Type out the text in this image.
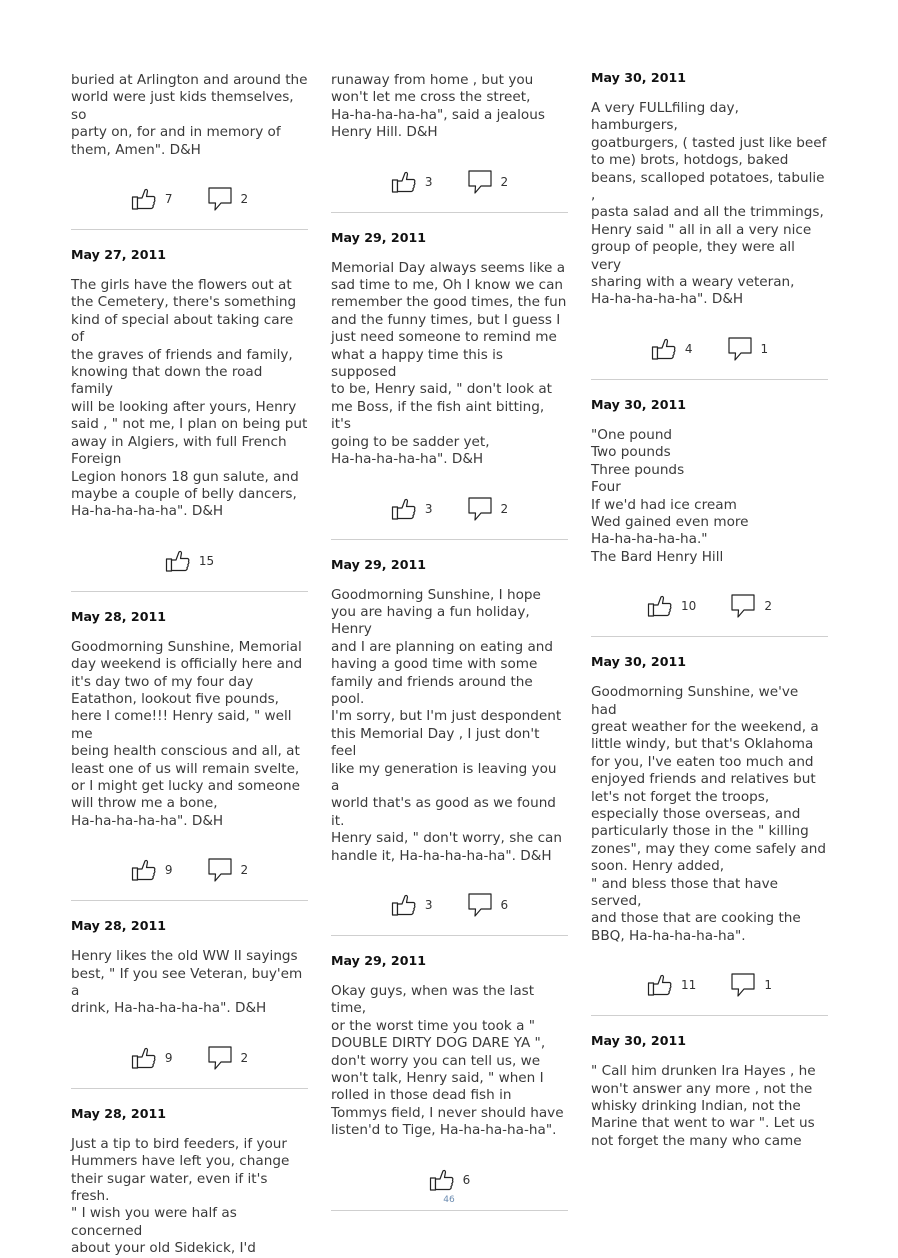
buried at Arlington and around the
world were just kids themselves, so
party on, for and in memory of
them, Amen". D&H

7	2
May 27, 2011

The girls have the flowers out at
the Cemetery, there's something
kind of special about taking care of
the graves of friends and family,
knowing that down the road family
will be looking after yours, Henry
said , " not me, I plan on being put
away in Algiers, with full French
Foreign
Legion honors 18 gun salute, and
maybe a couple of belly dancers,
Ha-ha-ha-ha-ha". D&H

15
May 28, 2011

Goodmorning Sunshine, Memorial
day weekend is officially here and
it's day two of my four day
Eatathon, lookout five pounds,
here I come!!! Henry said, " well me
being health conscious and all, at
least one of us will remain svelte,
or I might get lucky and someone
will throw me a bone,
Ha-ha-ha-ha-ha". D&H

9	2
May 28, 2011

Henry likes the old WW II sayings
best, " If you see Veteran, buy'em a
drink, Ha-ha-ha-ha-ha". D&H

9	2
May 28, 2011

Just a tip to bird feeders, if your
Hummers have left you, change
their sugar water, even if it's fresh.
" I wish you were half as concerned
about your old Sidekick, I'd

runaway from home , but you
won't let me cross the street,
Ha-ha-ha-ha-ha", said a jealous
Henry Hill. D&H

3	2
May 29, 2011

Memorial Day always seems like a
sad time to me, Oh I know we can
remember the good times, the fun
and the funny times, but I guess I
just need someone to remind me
what a happy time this is supposed
to be, Henry said, " don't look at
me Boss, if the fish aint bitting, it's
going to be sadder yet,
Ha-ha-ha-ha-ha". D&H

3	2
May 29, 2011

Goodmorning Sunshine, I hope
you are having a fun holiday, Henry
and I are planning on eating and
having a good time with some
family and friends around the pool.
I'm sorry, but I'm just despondent
this Memorial Day , I just don't feel
like my generation is leaving you a
world that's as good as we found it.
Henry said, " don't worry, she can
handle it, Ha-ha-ha-ha-ha". D&H

3	6
May 29, 2011

Okay guys, when was the last time,
or the worst time you took a "
DOUBLE DIRTY DOG DARE YA ",
don't worry you can tell us, we
won't talk, Henry said, " when I
rolled in those dead fish in
Tommys field, I never should have
listen'd to Tige, Ha-ha-ha-ha-ha".

6
May 30, 2011

A very FULLfiling day, hamburgers,
goatburgers, ( tasted just like beef
to me) brots, hotdogs, baked
beans, scalloped potatoes, tabulie ,
pasta salad and all the trimmings,
Henry said " all in all a very nice
group of people, they were all very
sharing with a weary veteran,
Ha-ha-ha-ha-ha". D&H

4	1
May 30, 2011

"One pound
Two pounds
Three pounds
Four
If we'd had ice cream
Wed gained even more
Ha-ha-ha-ha-ha."
The Bard Henry Hill

10	2
May 30, 2011

Goodmorning Sunshine, we've had
great weather for the weekend, a
little windy, but that's Oklahoma
for you, I've eaten too much and
enjoyed friends and relatives but
let's not forget the troops,
especially those overseas, and
particularly those in the " killing
zones", may they come safely and
soon. Henry added,
" and bless those that have served,
and those that are cooking the
BBQ, Ha-ha-ha-ha-ha".

11	1
May 30, 2011

" Call him drunken Ira Hayes , he
won't answer any more , not the
whisky drinking Indian, not the
Marine that went to war ". Let us
not forget the many who came

46
